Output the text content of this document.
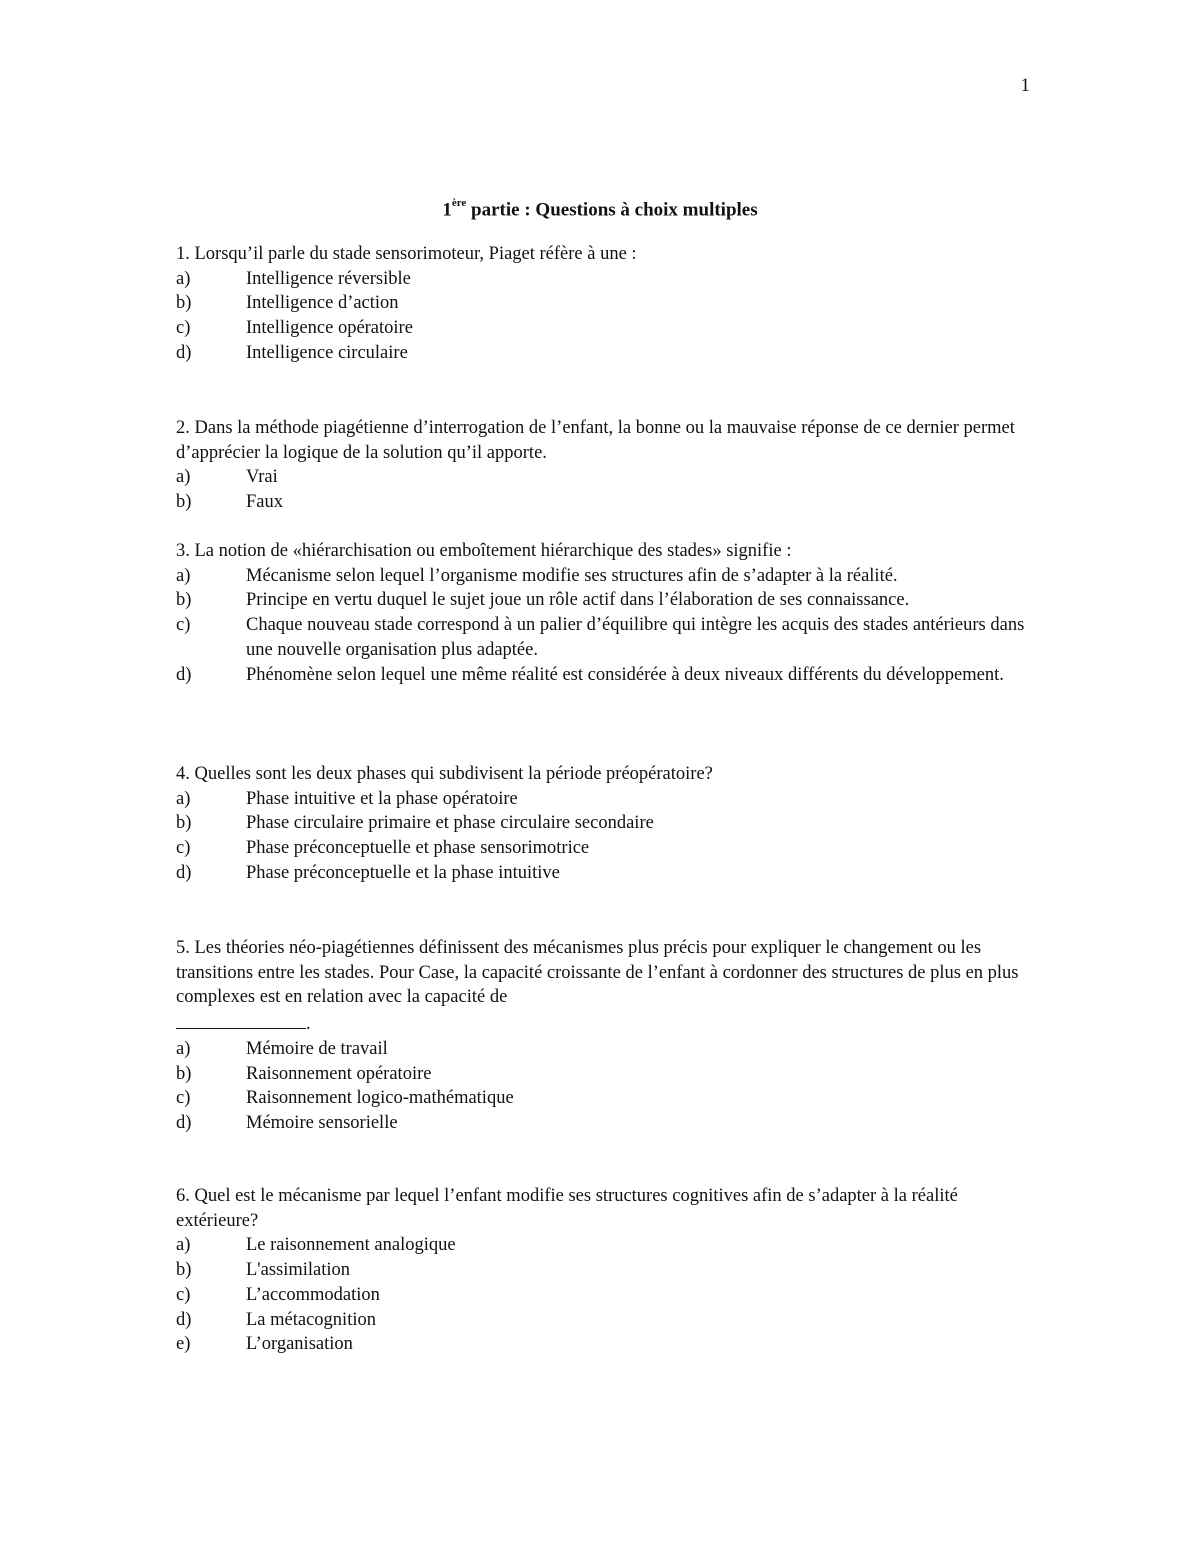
1
1ère partie : Questions à choix multiples
1. Lorsqu’il parle du stade sensorimoteur, Piaget réfère à une :
a)	Intelligence réversible
b)	Intelligence d’action
c)	Intelligence opératoire
d)	Intelligence circulaire
2. Dans la méthode piagétienne d’interrogation de l’enfant, la bonne ou la mauvaise réponse de ce dernier permet d’apprécier la logique de la solution qu’il apporte.
a)	Vrai
b)	Faux
3. La notion de «hiérarchisation ou emboîtement hiérarchique des stades» signifie :
a)	Mécanisme selon lequel l’organisme modifie ses structures afin de s’adapter à la réalité.
b)	Principe en vertu duquel le sujet joue un rôle actif dans l’élaboration de ses connaissance.
c)	Chaque nouveau stade correspond à un palier d’équilibre qui intègre les acquis des stades antérieurs dans une nouvelle organisation plus adaptée.
d)	Phénomène selon lequel une même réalité est considérée à deux niveaux différents du développement.
4. Quelles sont les deux phases qui subdivisent la période préopératoire?
a)	Phase intuitive et la phase opératoire
b)	Phase circulaire primaire et phase circulaire secondaire
c)	Phase préconceptuelle et phase sensorimotrice
d)	Phase préconceptuelle et la phase intuitive
5. Les théories néo-piagétiennes définissent des mécanismes plus précis pour expliquer le changement ou les transitions entre les stades. Pour Case, la capacité croissante de l’enfant à cordonner des structures de plus en plus complexes est en relation avec la capacité de
.
a)	Mémoire de travail
b)	Raisonnement opératoire
c)	Raisonnement logico-mathématique
d)	Mémoire sensorielle
6. Quel est le mécanisme par lequel l’enfant modifie ses structures cognitives afin de s’adapter à la réalité extérieure?
a)	Le raisonnement analogique
b)	L'assimilation
c)	L’accommodation
d)	La métacognition
e)	L’organisation
